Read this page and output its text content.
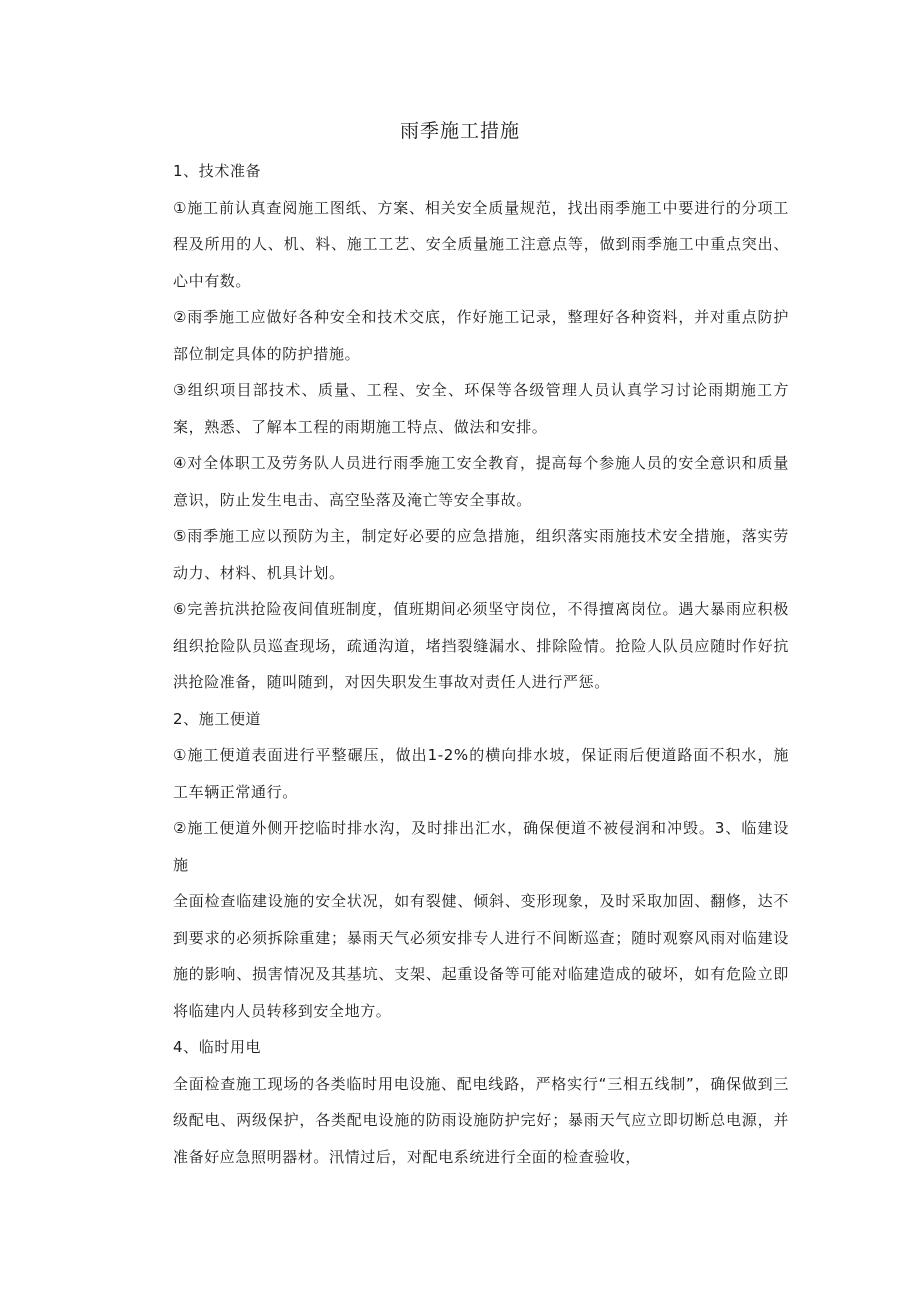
雨季施工措施

1、技术准备

①施工前认真查阅施工图纸、方案、相关安全质量规范，找出雨季施工中要进行的分项工程及所用的人、机、料、施工工艺、安全质量施工注意点等，做到雨季施工中重点突出、心中有数。

②雨季施工应做好各种安全和技术交底，作好施工记录，整理好各种资料，并对重点防护部位制定具体的防护措施。

③组织项目部技术、质量、工程、安全、环保等各级管理人员认真学习讨论雨期施工方案，熟悉、了解本工程的雨期施工特点、做法和安排。

④对全体职工及劳务队人员进行雨季施工安全教育，提高每个参施人员的安全意识和质量意识，防止发生电击、高空坠落及淹亡等安全事故。

⑤雨季施工应以预防为主，制定好必要的应急措施，组织落实雨施技术安全措施，落实劳动力、材料、机具计划。

⑥完善抗洪抢险夜间值班制度，值班期间必须坚守岗位，不得擅离岗位。遇大暴雨应积极组织抢险队员巡查现场，疏通沟道，堵挡裂缝漏水、排除险情。抢险人队员应随时作好抗洪抢险准备，随叫随到，对因失职发生事故对责任人进行严惩。

2、施工便道

①施工便道表面进行平整碾压，做出1-2%的横向排水坡，保证雨后便道路面不积水，施工车辆正常通行。

②施工便道外侧开挖临时排水沟，及时排出汇水，确保便道不被侵润和冲毁。3、临建设施

全面检查临建设施的安全状况，如有裂健、倾斜、变形现象，及时采取加固、翻修，达不到要求的必须拆除重建；暴雨天气必须安排专人进行不间断巡查；随时观察风雨对临建设施的影响、损害情况及其基坑、支架、起重设备等可能对临建造成的破坏，如有危险立即将临建内人员转移到安全地方。

4、临时用电

全面检查施工现场的各类临时用电设施、配电线路，严格实行“三相五线制”，确保做到三级配电、两级保护，各类配电设施的防雨设施防护完好；暴雨天气应立即切断总电源，并准备好应急照明器材。汛情过后，对配电系统进行全面的检查验收，
